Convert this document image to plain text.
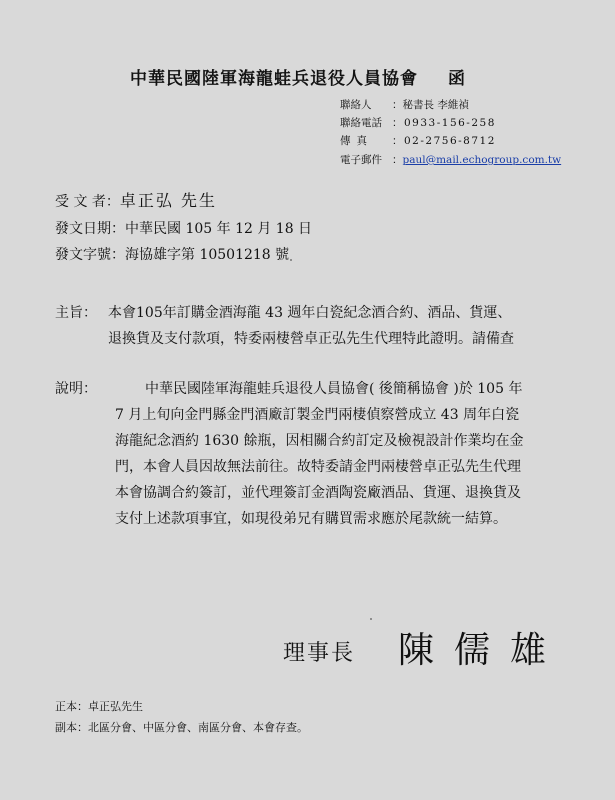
中華民國陸軍海龍蛙兵退役人員協會 函
聯絡人 ：秘書長 李維禎
聯絡電話 ：0933-156-258
傳真 ：02-2756-8712
電子郵件 ：paul@mail.echogroup.com.tw
受 文 者：卓正弘 先生
發文日期：中華民國 105 年 12 月 18 日
發文字號：海協雄字第 10501218 號
主旨： 本會105年訂購金酒海龍 43 週年白瓷紀念酒合約、酒品、貨運、
退換貨及支付款項，特委兩棲營卓正弘先生代理特此證明。請備查
說明：	中華民國陸軍海龍蛙兵退役人員協會( 後簡稱協會 )於 105 年
7 月上旬向金門縣金門酒廠訂製金門兩棲偵察營成立 43 周年白瓷
海龍紀念酒約 1630 餘瓶，因相關合約訂定及檢視設計作業均在金
門，本會人員因故無法前往。故特委請金門兩棲營卓正弘先生代理
本會協調合約簽訂，並代理簽訂金酒陶瓷廠酒品、貨運、退換貨及
支付上述款項事宜，如現役弟兄有購買需求應於尾款統一結算。
理事長 陳儒雄
正本：卓正弘先生
副本：北區分會、中區分會、南區分會、本會存查。
